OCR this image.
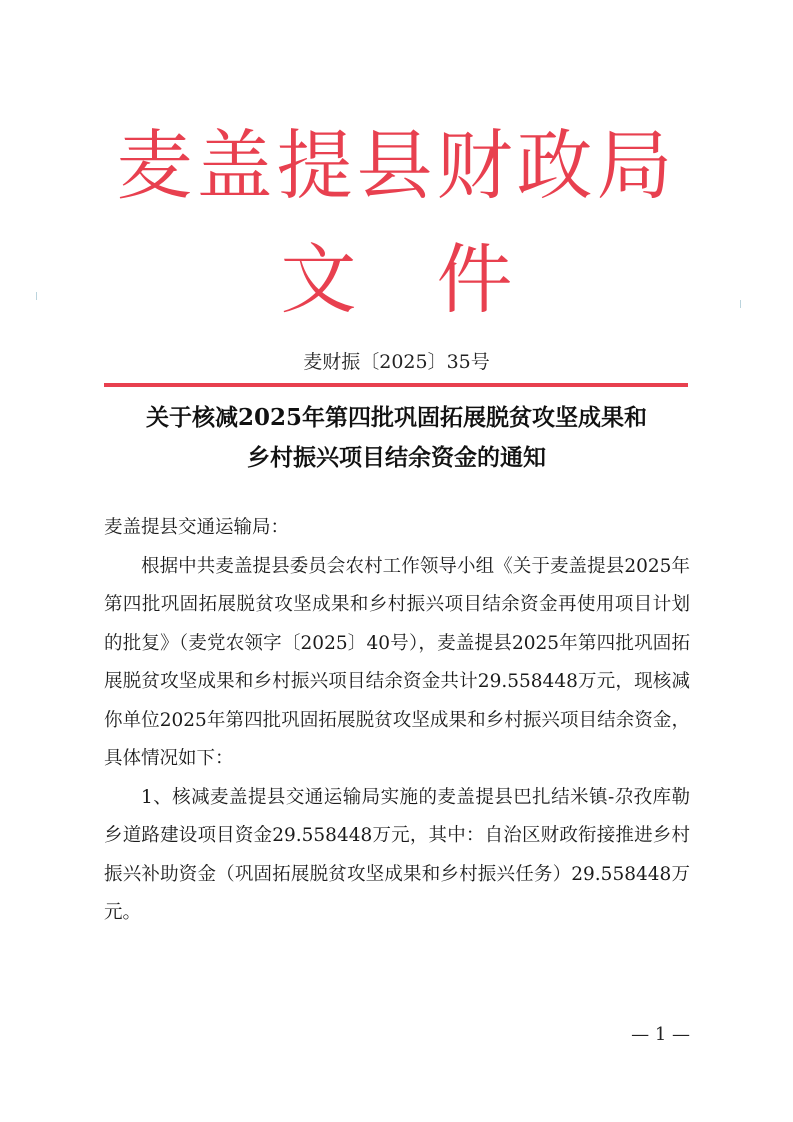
麦盖提县财政局
文件
麦财振〔2025〕35号
关于核减2025年第四批巩固拓展脱贫攻坚成果和
乡村振兴项目结余资金的通知

麦盖提县交通运输局：

根据中共麦盖提县委员会农村工作领导小组《关于麦盖提县2025年第四批巩固拓展脱贫攻坚成果和乡村振兴项目结余资金再使用项目计划的批复》（麦党农领字〔2025〕40号），麦盖提县2025年第四批巩固拓展脱贫攻坚成果和乡村振兴项目结余资金共计29.558448万元，现核减你单位2025年第四批巩固拓展脱贫攻坚成果和乡村振兴项目结余资金，具体情况如下：

1、核减麦盖提县交通运输局实施的麦盖提县巴扎结米镇-尕孜库勒乡道路建设项目资金29.558448万元，其中：自治区财政衔接推进乡村振兴补助资金（巩固拓展脱贫攻坚成果和乡村振兴任务）29.558448万元。

— 1 —
